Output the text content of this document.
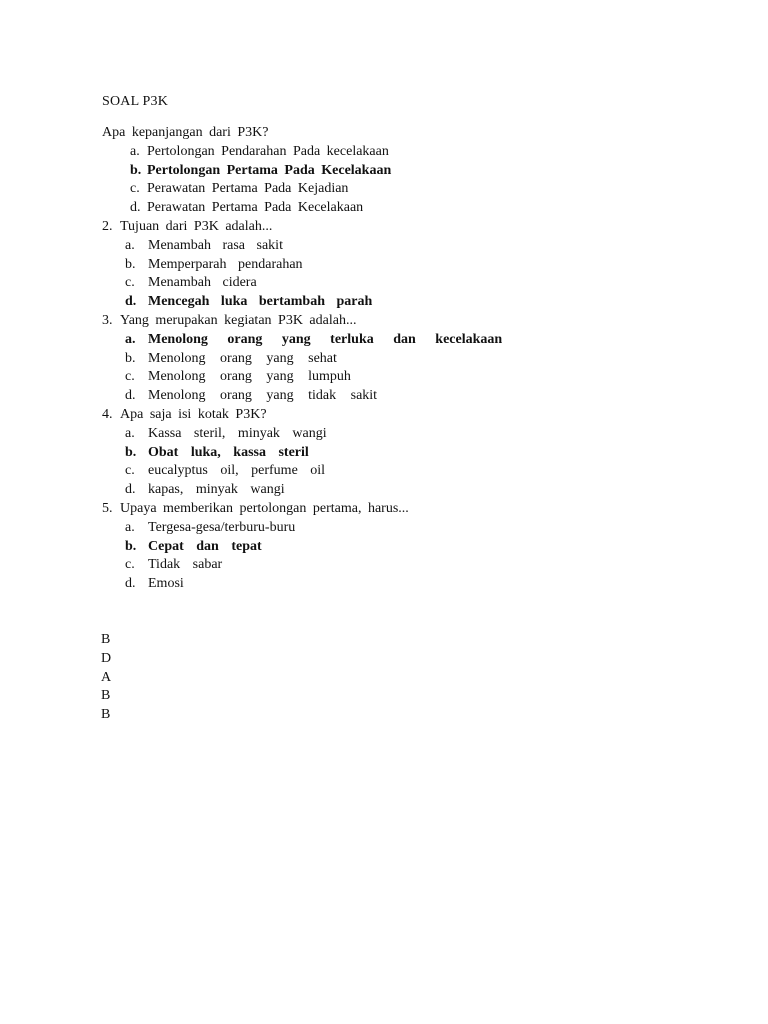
SOAL P3K
Apa kepanjangan dari P3K?
a. Pertolongan Pendarahan Pada kecelakaan
b. Pertolongan Pertama Pada Kecelakaan
c. Perawatan Pertama Pada Kejadian
d. Perawatan Pertama Pada Kecelakaan
2. Tujuan dari P3K adalah...
a. Menambah rasa sakit
b. Memperparah pendarahan
c. Menambah cidera
d. Mencegah luka bertambah parah
3. Yang merupakan kegiatan P3K adalah...
a. Menolong orang yang terluka dan kecelakaan
b. Menolong orang yang sehat
c. Menolong orang yang lumpuh
d. Menolong orang yang tidak sakit
4. Apa saja isi kotak P3K?
a. Kassa steril, minyak wangi
b. Obat luka, kassa steril
c. eucalyptus oil, perfume oil
d. kapas, minyak wangi
5. Upaya memberikan pertolongan pertama, harus...
a. Tergesa-gesa/terburu-buru
b. Cepat dan tepat
c. Tidak sabar
d. Emosi
B
D
A
B
B
